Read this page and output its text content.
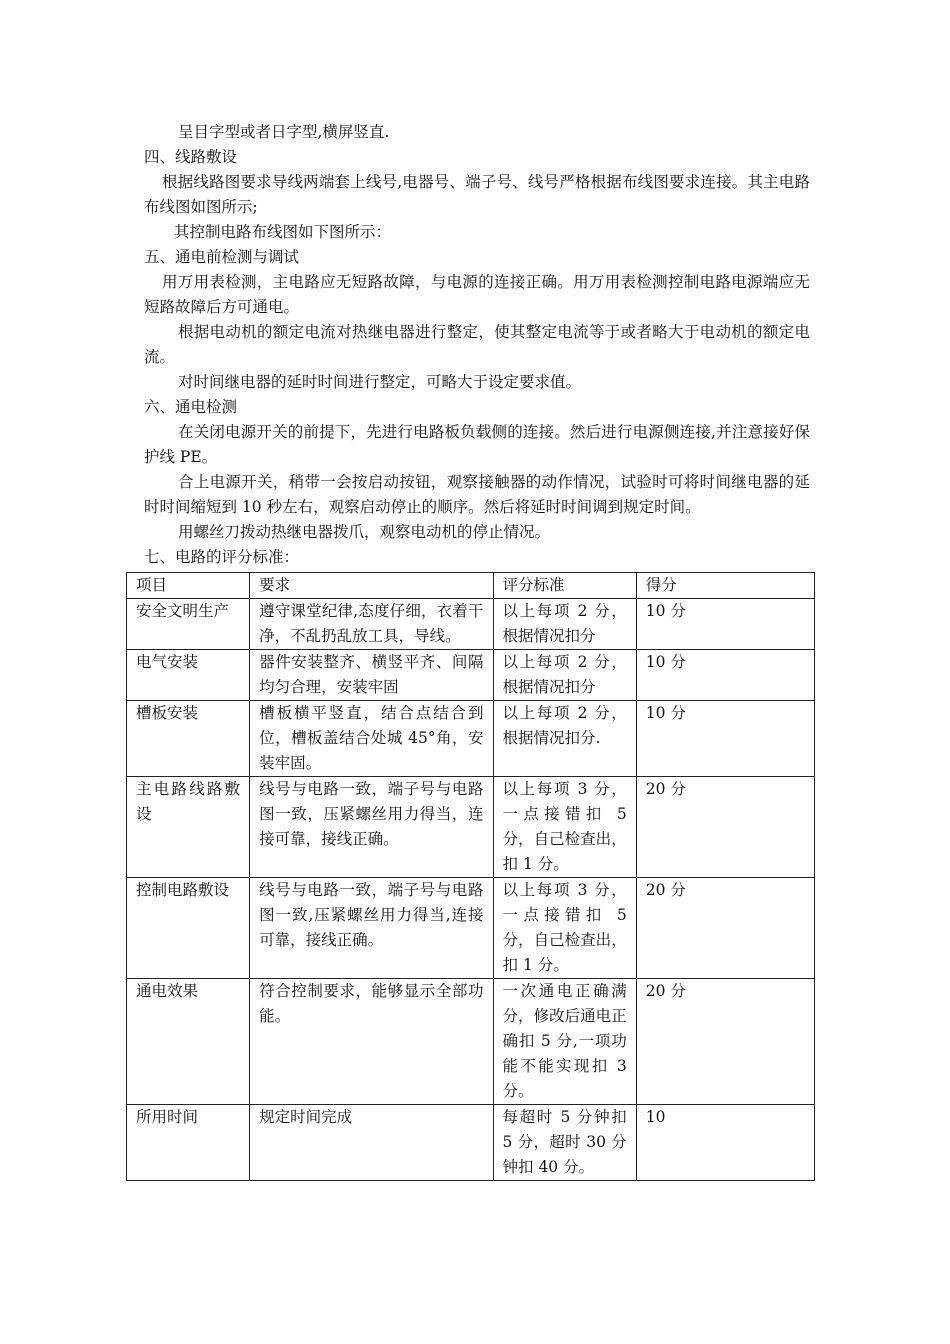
呈目字型或者日字型,横屏竖直.

四、线路敷设

根据线路图要求导线两端套上线号,电器号、端子号、线号严格根据布线图要求连接。其主电路布线图如图所示;

其控制电路布线图如下图所示：

五、通电前检测与调试

用万用表检测，主电路应无短路故障，与电源的连接正确。用万用表检测控制电路电源端应无短路故障后方可通电。

根据电动机的额定电流对热继电器进行整定，使其整定电流等于或者略大于电动机的额定电流。

对时间继电器的延时时间进行整定，可略大于设定要求值。

六、通电检测

在关闭电源开关的前提下，先进行电路板负载侧的连接。然后进行电源侧连接,并注意接好保护线 PE。

合上电源开关，稍带一会按启动按钮，观察接触器的动作情况，试验时可将时间继电器的延时时间缩短到 10 秒左右，观察启动停止的顺序。然后将延时时间调到规定时间。

用螺丝刀拨动热继电器拨爪，观察电动机的停止情况。

七、电路的评分标准：

项目	要求	评分标准	得分
安全文明生产	遵守课堂纪律,态度仔细，衣着干净，不乱扔乱放工具，导线。	以上每项 2 分，根据情况扣分	10 分
电气安装	器件安装整齐、横竖平齐、间隔均匀合理，安装牢固	以上每项 2 分，根据情况扣分	10 分
槽板安装	槽板横平竖直，结合点结合到位，槽板盖结合处城 45°角，安装牢固。	以上每项 2 分，根据情况扣分.	10 分
主电路线路敷设	线号与电路一致，端子号与电路图一致，压紧螺丝用力得当，连接可靠，接线正确。	以上每项 3 分，一点接错扣 5 分，自己检查出，扣 1 分。	20 分
控制电路敷设	线号与电路一致，端子号与电路图一致,压紧螺丝用力得当,连接可靠，接线正确。	以上每项 3 分，一点接错扣 5 分，自己检查出，扣 1 分。	20 分
通电效果	符合控制要求，能够显示全部功能。	一次通电正确满分，修改后通电正确扣 5 分,一项功能不能实现扣 3 分。	20 分
所用时间	规定时间完成	每超时 5 分钟扣 5 分，超时 30 分钟扣 40 分。	10
